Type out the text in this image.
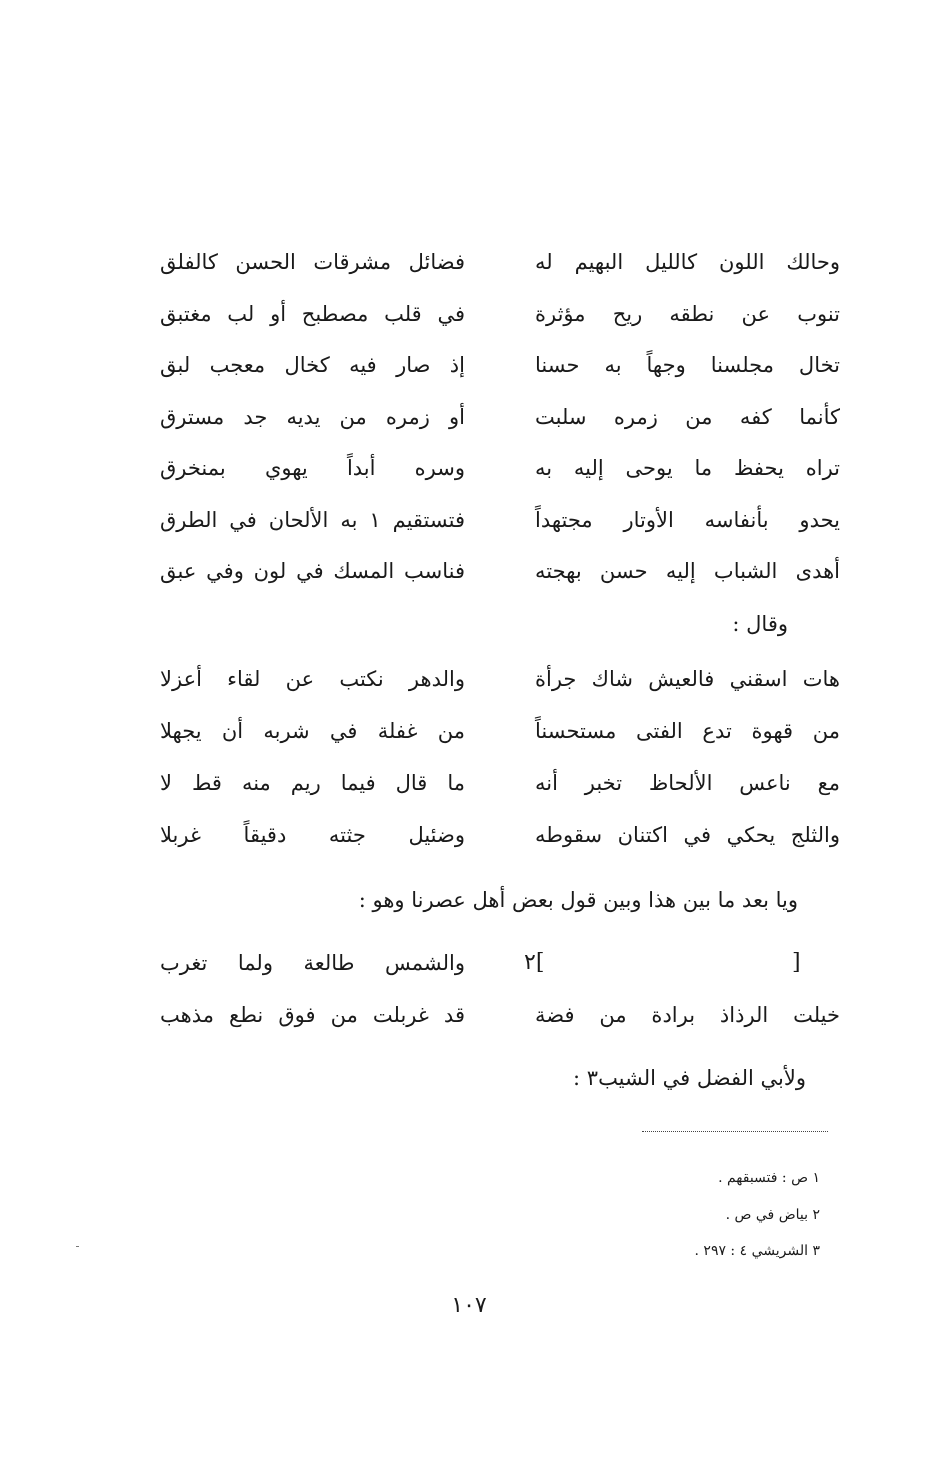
وحالك اللون كالليل البهيم له
فضائل مشرقات الحسن كالفلق
تنوب عن نطقه ريح مؤثرة
في قلب مصطبح أو لب مغتبق
تخال مجلسنا وجهاً به حسنا
إذ صار فيه كخال معجب لبق
كأنما كفه من زمره سلبت
أو زمره من يديه جد مسترق
تراه يحفظ ما يوحى إليه به
وسره أبداً يهوي بمنخرق
يحدو بأنفاسه الأوتار مجتهداً
فتستقيم ١ به الألحان في الطرق
أهدى الشباب إليه حسن بهجته
فناسب المسك في لون وفي عبق
وقال :
هات اسقني فالعيش شاك جرأة
والدهر نكتب عن لقاء أعزلا
من قهوة تدع الفتى مستحسناً
من غفلة في شربه أن يجهلا
مع ناعس الألحاظ تخبر أنه
ما قال فيما ريم منه قط لا
والثلج يحكي في اكتنان سقوطه
وضئيل جثته دقيقاً غربلا
ويا بعد ما بين هذا وبين قول بعض أهل عصرنا وهو :
[
]٢
والشمس طالعة ولما تغرب
خيلت الرذاذ برادة من فضة
قد غربلت من فوق نطع مذهب
ولأبي الفضل في الشيب٣ :
١ ص : فتسبقهم .
٢ بياض في ص .
٣ الشريشي ٤ : ٢٩٧ .
١٠٧
